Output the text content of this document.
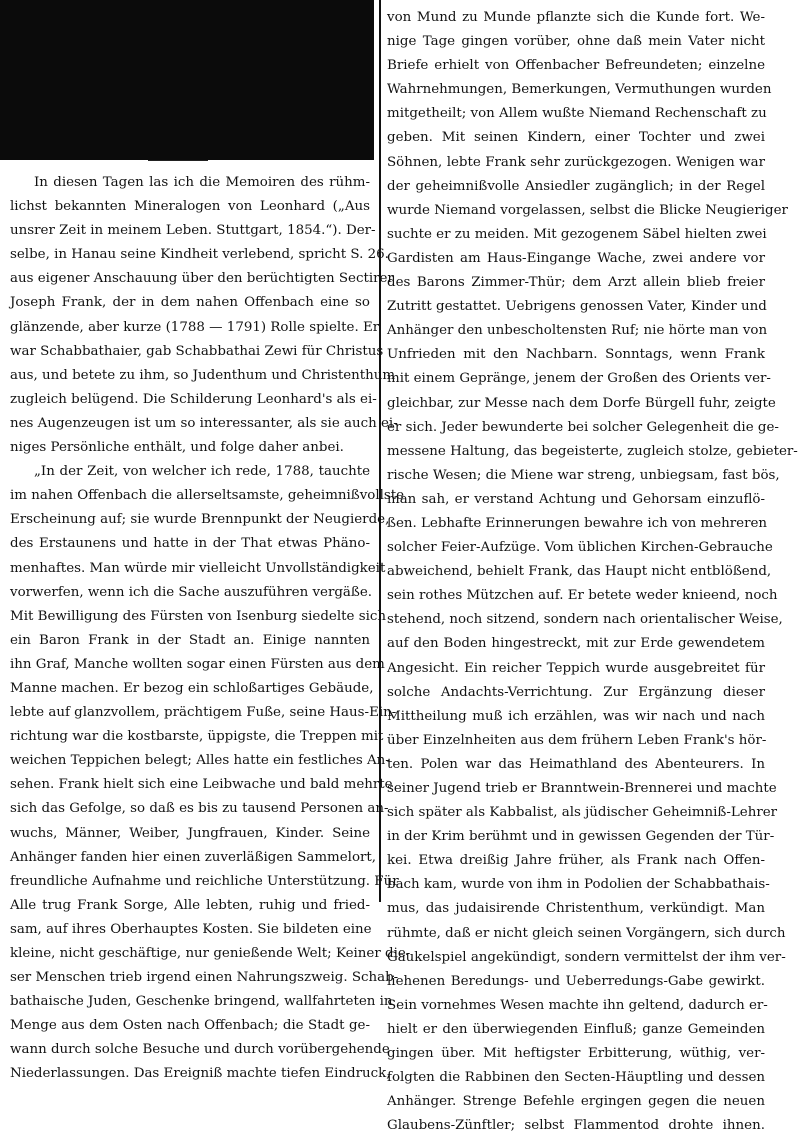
In diesen Tagen las ich die Memoiren des rühm-
lichst bekannten Mineralogen von Leonhard („Aus
unsrer Zeit in meinem Leben. Stuttgart, 1854.“). Der-
selbe, in Hanau seine Kindheit verlebend, spricht S. 26.
aus eigener Anschauung über den berüchtigten Sectirer
Joseph Frank, der in dem nahen Offenbach eine so
glänzende, aber kurze (1788 — 1791) Rolle spielte. Er
war Schabbathaier, gab Schabbathai Zewi für Christus
aus, und betete zu ihm, so Judenthum und Christenthum
zugleich belügend. Die Schilderung Leonhard's als ei-
nes Augenzeugen ist um so interessanter, als sie auch ei-
niges Persönliche enthält, und folge daher anbei.
„In der Zeit, von welcher ich rede, 1788, tauchte
im nahen Offenbach die allerseltsamste, geheimnißvollste
Erscheinung auf; sie wurde Brennpunkt der Neugierde,
des Erstaunens und hatte in der That etwas Phäno-
menhaftes. Man würde mir vielleicht Unvollständigkeit
vorwerfen, wenn ich die Sache auszuführen vergäße.
Mit Bewilligung des Fürsten von Isenburg siedelte sich
ein Baron Frank in der Stadt an. Einige nannten
ihn Graf, Manche wollten sogar einen Fürsten aus dem
Manne machen. Er bezog ein schloßartiges Gebäude,
lebte auf glanzvollem, prächtigem Fuße, seine Haus-Ein-
richtung war die kostbarste, üppigste, die Treppen mit
weichen Teppichen belegt; Alles hatte ein festliches An-
sehen. Frank hielt sich eine Leibwache und bald mehrte
sich das Gefolge, so daß es bis zu tausend Personen an-
wuchs, Männer, Weiber, Jungfrauen, Kinder. Seine
Anhänger fanden hier einen zuverläßigen Sammelort,
freundliche Aufnahme und reichliche Unterstützung. Für
Alle trug Frank Sorge, Alle lebten, ruhig und fried-
sam, auf ihres Oberhauptes Kosten. Sie bildeten eine
kleine, nicht geschäftige, nur genießende Welt; Keiner die-
ser Menschen trieb irgend einen Nahrungszweig. Schab-
bathaische Juden, Geschenke bringend, wallfahrteten in
Menge aus dem Osten nach Offenbach; die Stadt ge-
wann durch solche Besuche und durch vorübergehende
Niederlassungen. Das Ereigniß machte tiefen Eindruck,
von Mund zu Munde pflanzte sich die Kunde fort. We-
nige Tage gingen vorüber, ohne daß mein Vater nicht
Briefe erhielt von Offenbacher Befreundeten; einzelne
Wahrnehmungen, Bemerkungen, Vermuthungen wurden
mitgetheilt; von Allem wußte Niemand Rechenschaft zu
geben. Mit seinen Kindern, einer Tochter und zwei
Söhnen, lebte Frank sehr zurückgezogen. Wenigen war
der geheimnißvolle Ansiedler zugänglich; in der Regel
wurde Niemand vorgelassen, selbst die Blicke Neugieriger
suchte er zu meiden. Mit gezogenem Säbel hielten zwei
Gardisten am Haus-Eingange Wache, zwei andere vor
des Barons Zimmer-Thür; dem Arzt allein blieb freier
Zutritt gestattet. Uebrigens genossen Vater, Kinder und
Anhänger den unbescholtensten Ruf; nie hörte man von
Unfrieden mit den Nachbarn. Sonntags, wenn Frank
mit einem Gepränge, jenem der Großen des Orients ver-
gleichbar, zur Messe nach dem Dorfe Bürgell fuhr, zeigte
er sich. Jeder bewunderte bei solcher Gelegenheit die ge-
messene Haltung, das begeisterte, zugleich stolze, gebieter-
rische Wesen; die Miene war streng, unbiegsam, fast bös,
man sah, er verstand Achtung und Gehorsam einzuflö-
ßen. Lebhafte Erinnerungen bewahre ich von mehreren
solcher Feier-Aufzüge. Vom üblichen Kirchen-Gebrauche
abweichend, behielt Frank, das Haupt nicht entblößend,
sein rothes Mützchen auf. Er betete weder knieend, noch
stehend, noch sitzend, sondern nach orientalischer Weise,
auf den Boden hingestreckt, mit zur Erde gewendetem
Angesicht. Ein reicher Teppich wurde ausgebreitet für
solche Andachts-Verrichtung. Zur Ergänzung dieser
Mittheilung muß ich erzählen, was wir nach und nach
über Einzelnheiten aus dem frühern Leben Frank's hör-
ten. Polen war das Heimathland des Abenteurers. In
seiner Jugend trieb er Branntwein-Brennerei und machte
sich später als Kabbalist, als jüdischer Geheimniß-Lehrer
in der Krim berühmt und in gewissen Gegenden der Tür-
kei. Etwa dreißig Jahre früher, als Frank nach Offen-
bach kam, wurde von ihm in Podolien der Schabbathais-
mus, das judaisirende Christenthum, verkündigt. Man
rühmte, daß er nicht gleich seinen Vorgängern, sich durch
Gaukelspiel angekündigt, sondern vermittelst der ihm ver-
liehenen Beredungs- und Ueberredungs-Gabe gewirkt.
Sein vornehmes Wesen machte ihn geltend, dadurch er-
hielt er den überwiegenden Einfluß; ganze Gemeinden
gingen über. Mit heftigster Erbitterung, wüthig, ver-
folgten die Rabbinen den Secten-Häuptling und dessen
Anhänger. Strenge Befehle ergingen gegen die neuen
Glaubens-Zünftler; selbst Flammentod drohte ihnen.
